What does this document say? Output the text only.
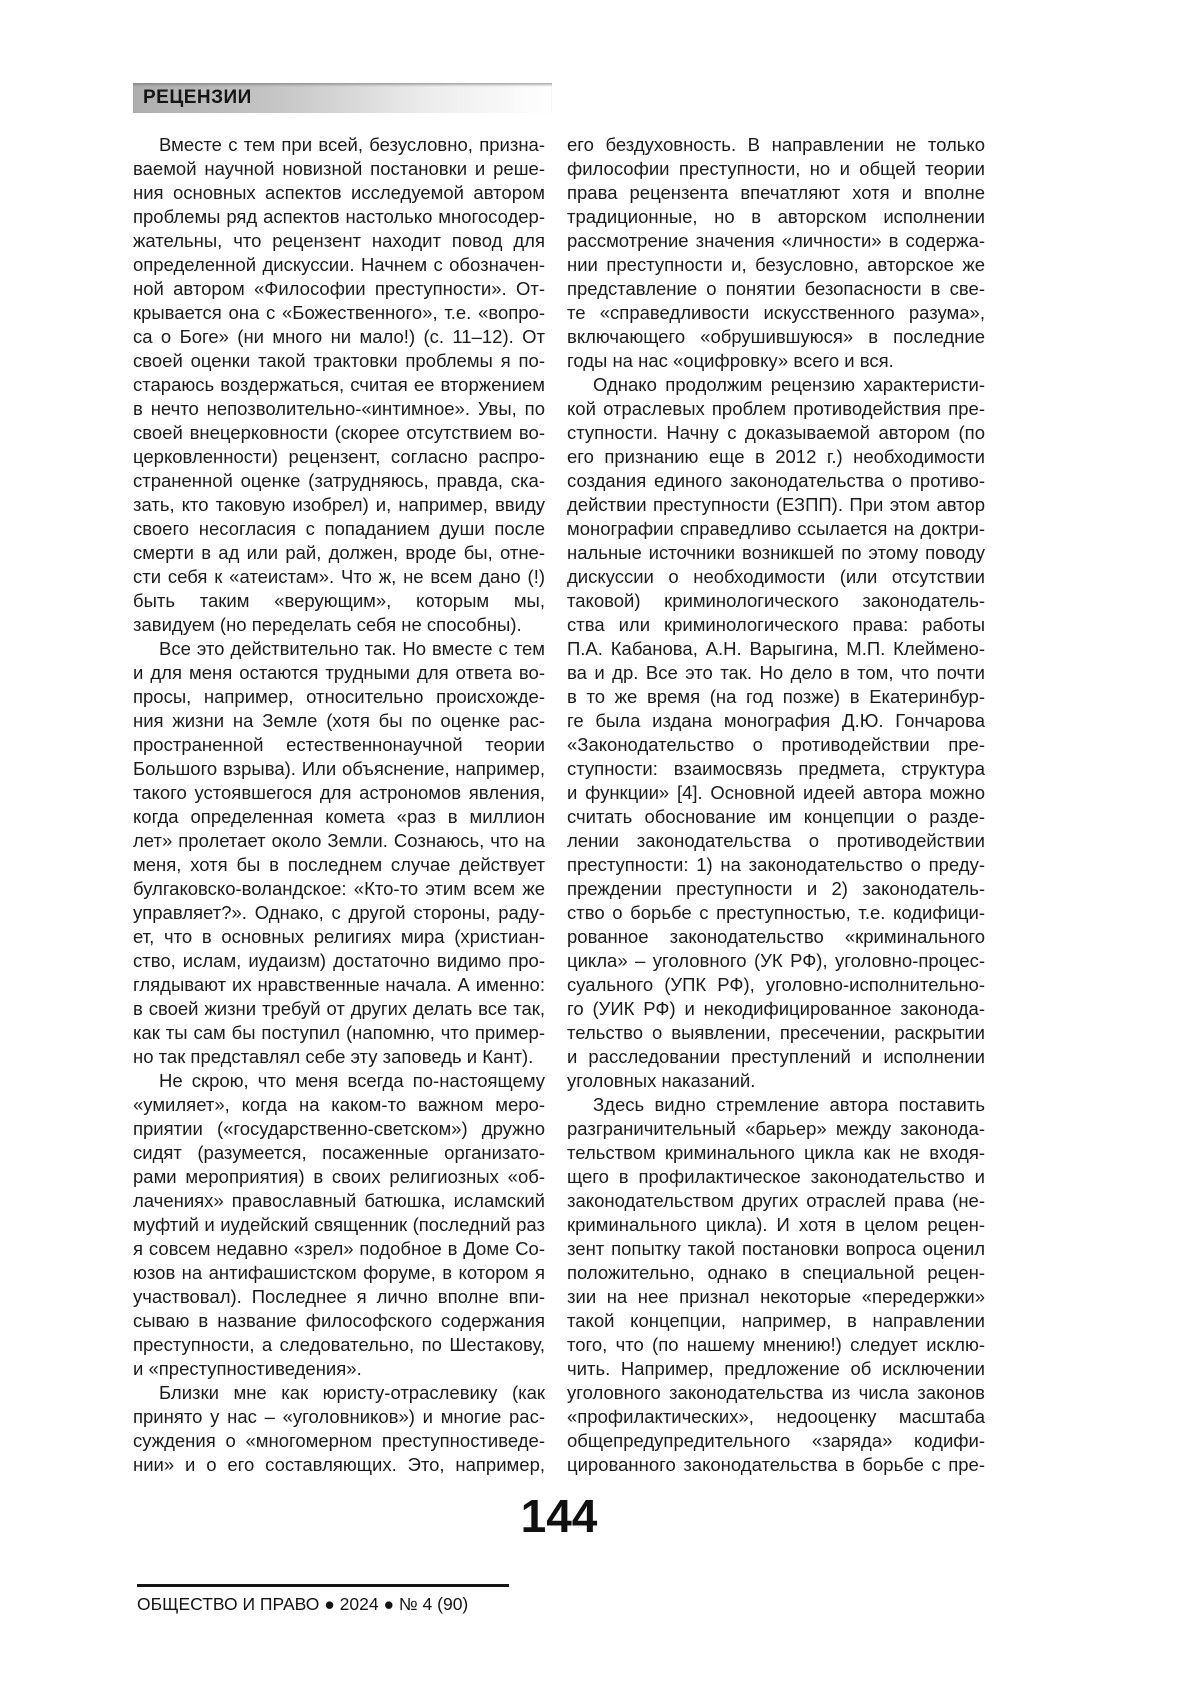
РЕЦЕНЗИИ
Вместе с тем при всей, безусловно, призна-
ваемой научной новизной постановки и реше-
ния основных аспектов исследуемой автором
проблемы ряд аспектов настолько многосодер-
жательны, что рецензент находит повод для
определенной дискуссии. Начнем с обозначен-
ной автором «Философии преступности». От-
крывается она с «Божественного», т.е. «вопро-
са о Боге» (ни много ни мало!) (с. 11–12). От
своей оценки такой трактовки проблемы я по-
стараюсь воздержаться, считая ее вторжением
в нечто непозволительно-«интимное». Увы, по
своей внецерковности (скорее отсутствием во-
церковленности) рецензент, согласно распро-
страненной оценке (затрудняюсь, правда, ска-
зать, кто таковую изобрел) и, например, ввиду
своего несогласия с попаданием души после
смерти в ад или рай, должен, вроде бы, отне-
сти себя к «атеистам». Что ж, не всем дано (!)
быть таким «верующим», которым мы,
завидуем (но переделать себя не способны).
Все это действительно так. Но вместе с тем
и для меня остаются трудными для ответа во-
просы, например, относительно происхожде-
ния жизни на Земле (хотя бы по оценке рас-
пространенной естественнонаучной теории
Большого взрыва). Или объяснение, например,
такого устоявшегося для астрономов явления,
когда определенная комета «раз в миллион
лет» пролетает около Земли. Сознаюсь, что на
меня, хотя бы в последнем случае действует
булгаковско-воландское: «Кто-то этим всем же
управляет?». Однако, с другой стороны, раду-
ет, что в основных религиях мира (христиан-
ство, ислам, иудаизм) достаточно видимо про-
глядывают их нравственные начала. А именно:
в своей жизни требуй от других делать все так,
как ты сам бы поступил (напомню, что пример-
но так представлял себе эту заповедь и Кант).
Не скрою, что меня всегда по-настоящему
«умиляет», когда на каком-то важном меро-
приятии («государственно-светском») дружно
сидят (разумеется, посаженные организато-
рами мероприятия) в своих религиозных «об-
лачениях» православный батюшка, исламский
муфтий и иудейский священник (последний раз
я совсем недавно «зрел» подобное в Доме Со-
юзов на антифашистском форуме, в котором я
участвовал). Последнее я лично вполне впи-
сываю в название философского содержания
преступности, а следовательно, по Шестакову,
и «преступностиведения».
Близки мне как юристу-отраслевику (как
принято у нас – «уголовников») и многие рас-
суждения о «многомерном преступностиведе-
нии» и о его составляющих. Это, например,
его бездуховность. В направлении не только
философии преступности, но и общей теории
права рецензента впечатляют хотя и вполне
традиционные, но в авторском исполнении
рассмотрение значения «личности» в содержа-
нии преступности и, безусловно, авторское же
представление о понятии безопасности в све-
те «справедливости искусственного разума»,
включающего «обрушившуюся» в последние
годы на нас «оцифровку» всего и вся.
Однако продолжим рецензию характеристи-
кой отраслевых проблем противодействия пре-
ступности. Начну с доказываемой автором (по
его признанию еще в 2012 г.) необходимости
создания единого законодательства о противо-
действии преступности (ЕЗПП). При этом автор
монографии справедливо ссылается на доктри-
нальные источники возникшей по этому поводу
дискуссии о необходимости (или отсутствии
таковой) криминологического законодатель-
ства или криминологического права: работы
П.А. Кабанова, А.Н. Варыгина, М.П. Клеймено-
ва и др. Все это так. Но дело в том, что почти
в то же время (на год позже) в Екатеринбур-
ге была издана монография Д.Ю. Гончарова
«Законодательство о противодействии пре-
ступности: взаимосвязь предмета, структура
и функции» [4]. Основной идеей автора можно
считать обоснование им концепции о разде-
лении законодательства о противодействии
преступности: 1) на законодательство о преду-
преждении преступности и 2) законодатель-
ство о борьбе с преступностью, т.е. кодифици-
рованное законодательство «криминального
цикла» – уголовного (УК РФ), уголовно-процес-
суального (УПК РФ), уголовно-исполнительно-
го (УИК РФ) и некодифицированное законода-
тельство о выявлении, пресечении, раскрытии
и расследовании преступлений и исполнении
уголовных наказаний.
Здесь видно стремление автора поставить
разграничительный «барьер» между законода-
тельством криминального цикла как не входя-
щего в профилактическое законодательство и
законодательством других отраслей права (не-
криминального цикла). И хотя в целом рецен-
зент попытку такой постановки вопроса оценил
положительно, однако в специальной рецен-
зии на нее признал некоторые «передержки»
такой концепции, например, в направлении
того, что (по нашему мнению!) следует исклю-
чить. Например, предложение об исключении
уголовного законодательства из числа законов
«профилактических», недооценку масштаба
общепредупредительного «заряда» кодифи-
цированного законодательства в борьбе с пре-
144
ОБЩЕСТВО И ПРАВО ● 2024 ● № 4 (90)
